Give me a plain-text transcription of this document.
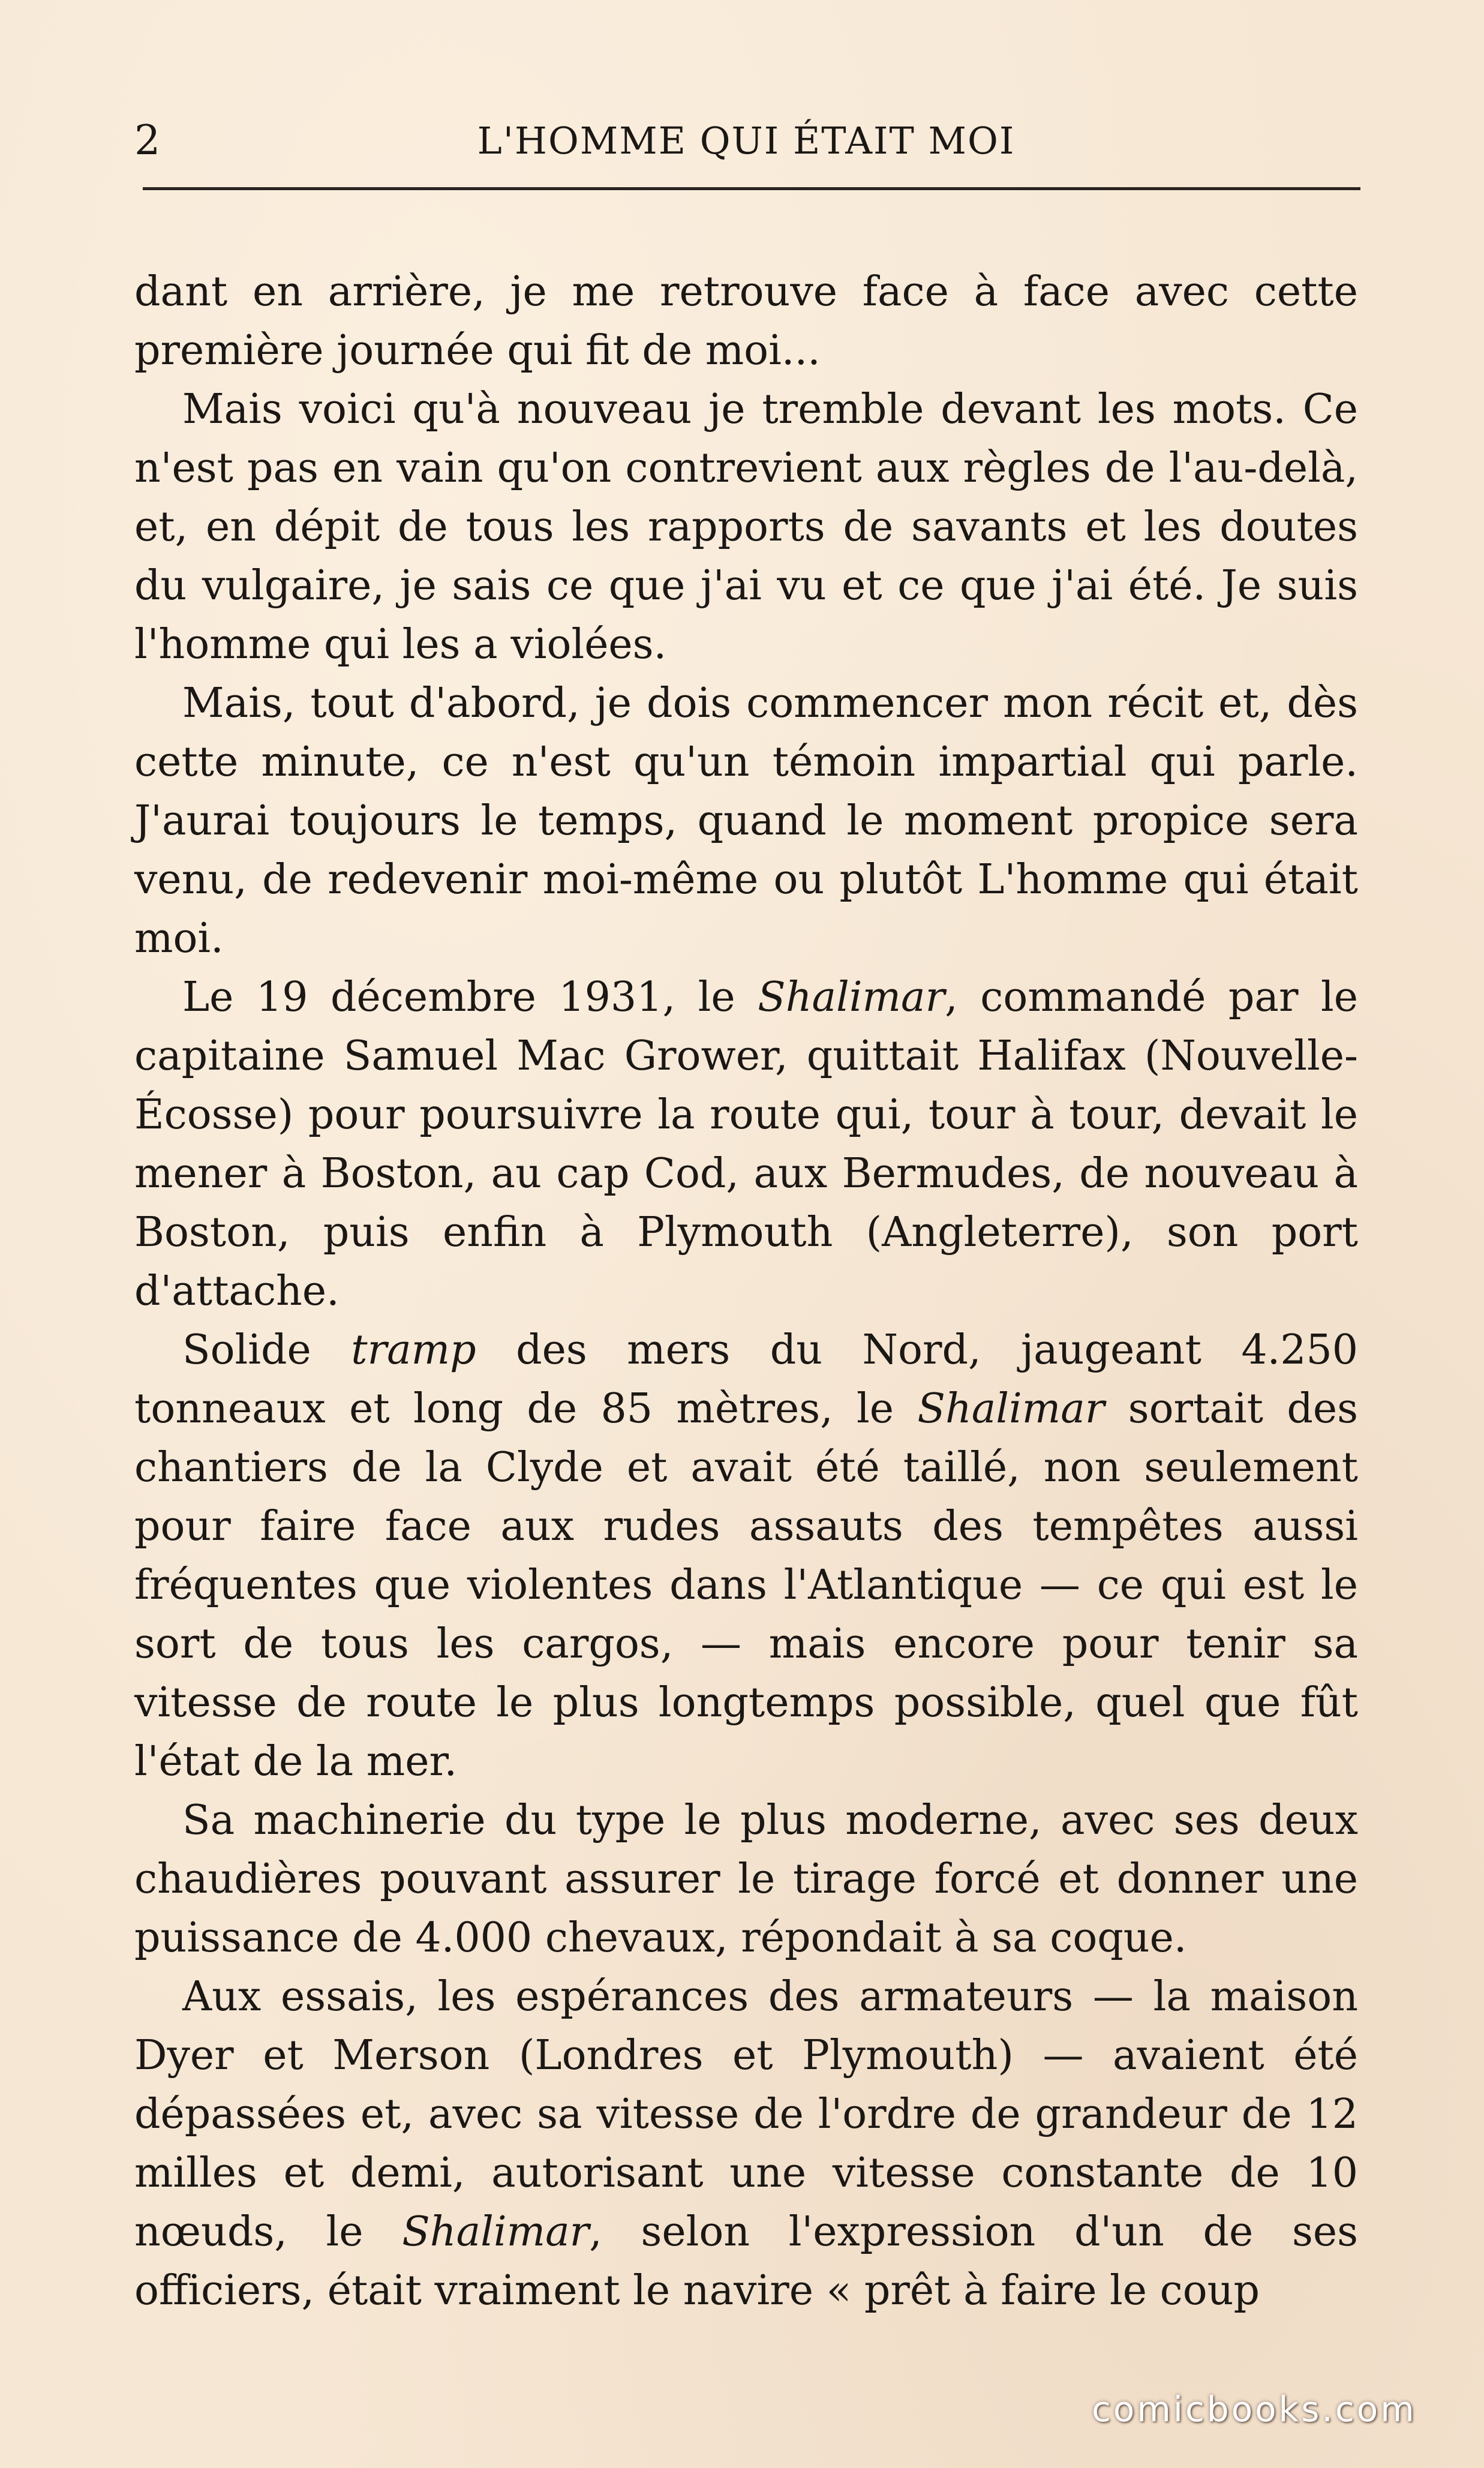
2	L'HOMME QUI ÉTAIT MOI

dant en arrière, je me retrouve face à face avec cette première journée qui fit de moi...

Mais voici qu'à nouveau je tremble devant les mots. Ce n'est pas en vain qu'on contrevient aux règles de l'au-delà, et, en dépit de tous les rapports de savants et les doutes du vulgaire, je sais ce que j'ai vu et ce que j'ai été. Je suis l'homme qui les a violées.

Mais, tout d'abord, je dois commencer mon récit et, dès cette minute, ce n'est qu'un témoin impartial qui parle. J'aurai toujours le temps, quand le moment propice sera venu, de redevenir moi-même ou plutôt L'homme qui était moi.

Le 19 décembre 1931, le Shalimar, commandé par le capitaine Samuel Mac Grower, quittait Halifax (Nouvelle-Écosse) pour poursuivre la route qui, tour à tour, devait le mener à Boston, au cap Cod, aux Bermudes, de nouveau à Boston, puis enfin à Plymouth (Angleterre), son port d'attache.

Solide tramp des mers du Nord, jaugeant 4.250 tonneaux et long de 85 mètres, le Shalimar sortait des chantiers de la Clyde et avait été taillé, non seulement pour faire face aux rudes assauts des tempêtes aussi fréquentes que violentes dans l'Atlantique — ce qui est le sort de tous les cargos, — mais encore pour tenir sa vitesse de route le plus longtemps possible, quel que fût l'état de la mer.

Sa machinerie du type le plus moderne, avec ses deux chaudières pouvant assurer le tirage forcé et donner une puissance de 4.000 chevaux, répondait à sa coque.

Aux essais, les espérances des armateurs — la maison Dyer et Merson (Londres et Plymouth) — avaient été dépassées et, avec sa vitesse de l'ordre de grandeur de 12 milles et demi, autorisant une vitesse constante de 10 nœuds, le Shalimar, selon l'expression d'un de ses officiers, était vraiment le navire « prêt à faire le coup

comicbooks.com
